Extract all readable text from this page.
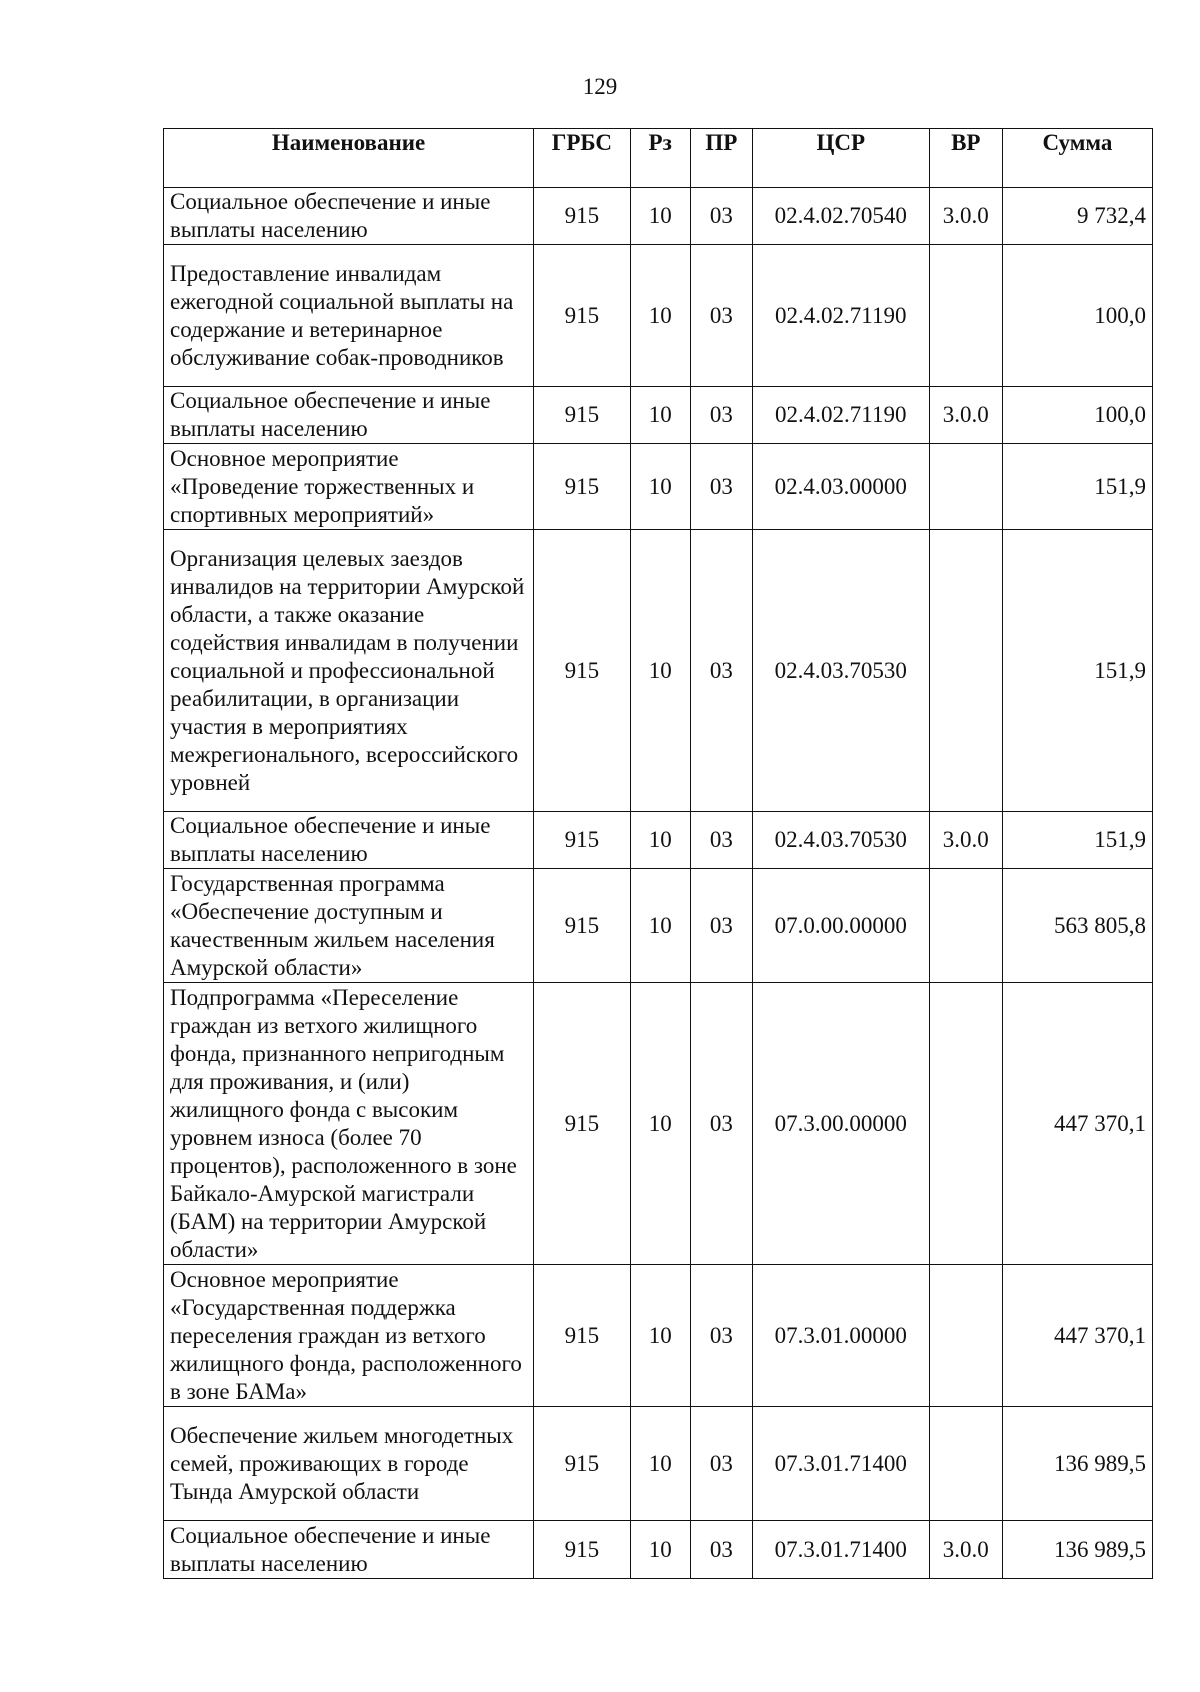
129
Наименование	ГРБС	Рз	ПР	ЦСР	ВР	Сумма
Социальное обеспечение и иные выплаты населению	915	10	03	02.4.02.70540	3.0.0	9 732,4
Предоставление инвалидам ежегодной социальной выплаты на содержание и ветеринарное обслуживание собак-проводников	915	10	03	02.4.02.71190		100,0
Социальное обеспечение и иные выплаты населению	915	10	03	02.4.02.71190	3.0.0	100,0
Основное мероприятие «Проведение торжественных и спортивных мероприятий»	915	10	03	02.4.03.00000		151,9
Организация целевых заездов инвалидов на территории Амурской области, а также оказание содействия инвалидам в получении социальной и профессиональной реабилитации, в организации участия в мероприятиях межрегионального, всероссийского уровней	915	10	03	02.4.03.70530		151,9
Социальное обеспечение и иные выплаты населению	915	10	03	02.4.03.70530	3.0.0	151,9
Государственная программа «Обеспечение доступным и качественным жильем населения Амурской области»	915	10	03	07.0.00.00000		563 805,8
Подпрограмма «Переселение граждан из ветхого жилищного фонда, признанного непригодным для проживания, и (или) жилищного фонда с высоким уровнем износа (более 70 процентов), расположенного в зоне Байкало-Амурской магистрали (БАМ) на территории Амурской области»	915	10	03	07.3.00.00000		447 370,1
Основное мероприятие «Государственная поддержка переселения граждан из ветхого жилищного фонда, расположенного в зоне БАМа»	915	10	03	07.3.01.00000		447 370,1
Обеспечение жильем многодетных семей, проживающих в городе Тында Амурской области	915	10	03	07.3.01.71400		136 989,5
Социальное обеспечение и иные выплаты населению	915	10	03	07.3.01.71400	3.0.0	136 989,5
